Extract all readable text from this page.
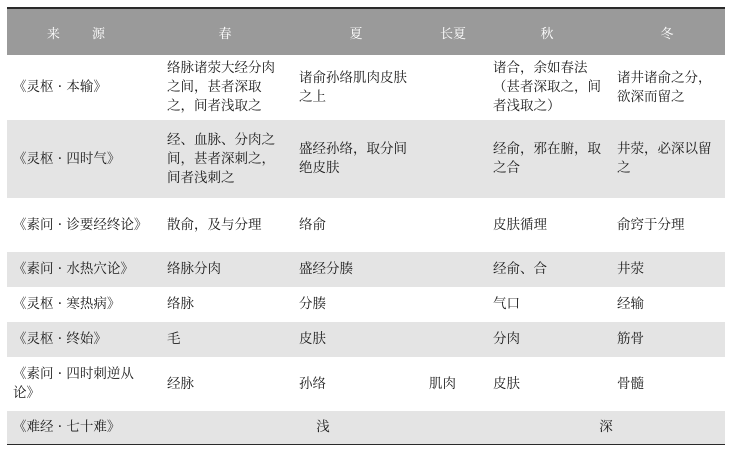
来 源	春	夏	长夏	秋	冬
《灵枢 · 本输》	络脉诸荥大经分肉之间，甚者深取之，间者浅取之	诸俞孙络肌肉皮肤之上		诸合，余如春法（甚者深取之，间者浅取之）	诸井诸俞之分，欲深而留之
《灵枢 · 四时气》	经、血脉、分肉之间，甚者深刺之，间者浅刺之	盛经孙络，取分间绝皮肤		经俞，邪在腑，取之合	井荥，必深以留之
《素问 · 诊要经终论》	散俞，及与分理	络俞		皮肤循理	俞窍于分理
《素问 · 水热穴论》	络脉分肉	盛经分腠		经俞、合	井荥
《灵枢 · 寒热病》	络脉	分腠		气口	经输
《灵枢 · 终始》	毛	皮肤		分肉	筋骨
《素问 · 四时刺逆从论》	经脉	孙络	肌肉	皮肤	骨髓
《难经 · 七十难》	浅			深	
